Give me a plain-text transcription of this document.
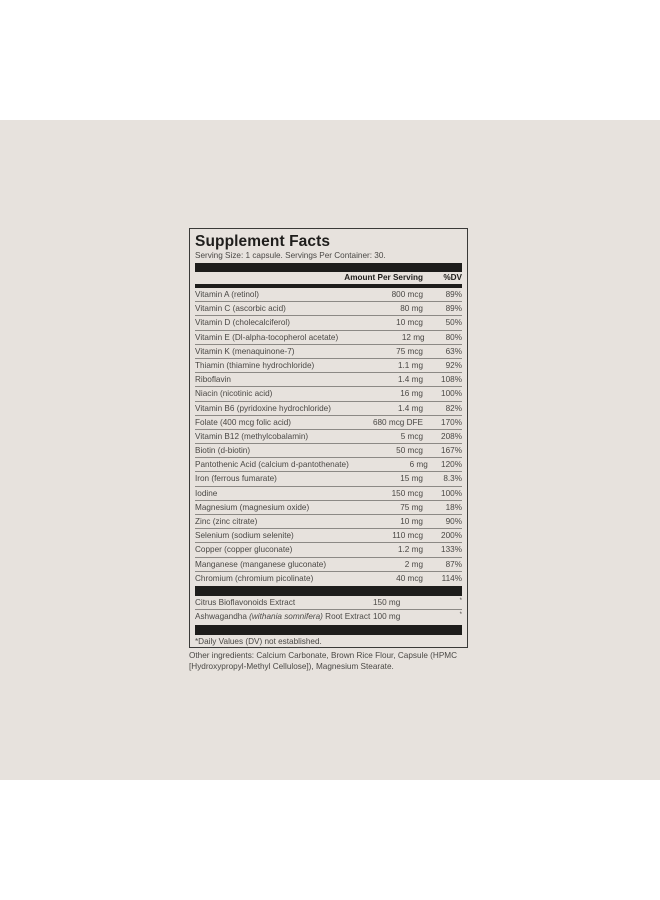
Supplement Facts
Serving Size: 1 capsule. Servings Per Container: 30.
Amount Per Serving	%DV
Vitamin A (retinol)	800 mcg	89%
Vitamin C (ascorbic acid)	80 mg	89%
Vitamin D (cholecalciferol)	10 mcg	50%
Vitamin E (Dl-alpha-tocopherol acetate)	12 mg	80%
Vitamin K (menaquinone-7)	75 mcg	63%
Thiamin (thiamine hydrochloride)	1.1 mg	92%
Riboflavin	1.4 mg	108%
Niacin (nicotinic acid)	16 mg	100%
Vitamin B6 (pyridoxine hydrochloride)	1.4 mg	82%
Folate (400 mcg folic acid)	680 mcg DFE	170%
Vitamin B12 (methylcobalamin)	5 mcg	208%
Biotin (d-biotin)	50 mcg	167%
Pantothenic Acid (calcium d-pantothenate)	6 mg	120%
Iron (ferrous fumarate)	15 mg	8.3%
Iodine	150 mcg	100%
Magnesium (magnesium oxide)	75 mg	18%
Zinc (zinc citrate)	10 mg	90%
Selenium (sodium selenite)	110 mcg	200%
Copper (copper gluconate)	1.2 mg	133%
Manganese (manganese gluconate)	2 mg	87%
Chromium (chromium picolinate)	40 mcg	114%
Citrus Bioflavonoids Extract	150 mg	*
Ashwagandha (withania somnifera) Root Extract 100 mg	*
*Daily Values (DV) not established.
Other ingredients: Calcium Carbonate, Brown Rice Flour, Capsule (HPMC [Hydroxypropyl-Methyl Cellulose]), Magnesium Stearate.
